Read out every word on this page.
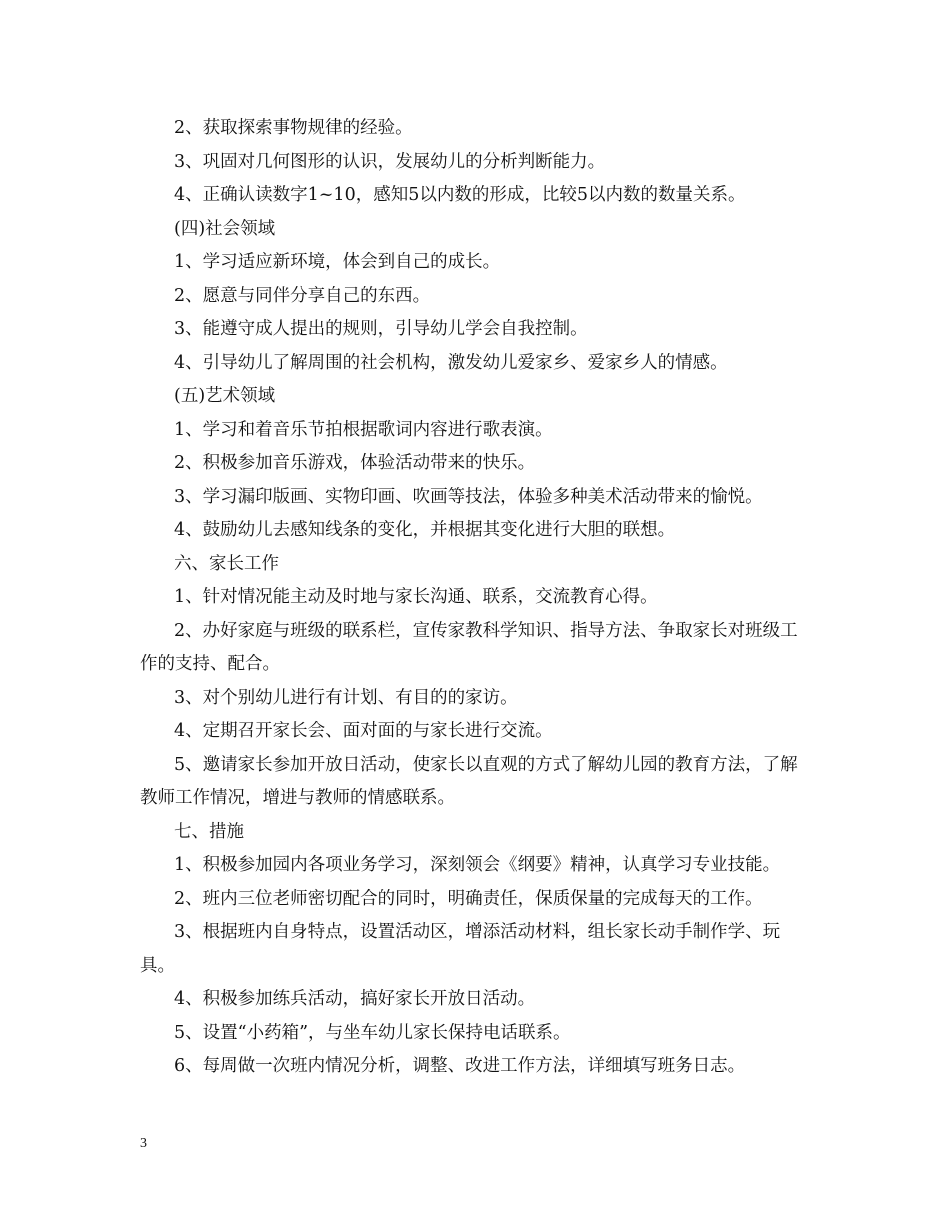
2、获取探索事物规律的经验。

3、巩固对几何图形的认识，发展幼儿的分析判断能力。

4、正确认读数字1~10，感知5以内数的形成，比较5以内数的数量关系。

(四)社会领域

1、学习适应新环境，体会到自己的成长。

2、愿意与同伴分享自己的东西。

3、能遵守成人提出的规则，引导幼儿学会自我控制。

4、引导幼儿了解周围的社会机构，激发幼儿爱家乡、爱家乡人的情感。

(五)艺术领域

1、学习和着音乐节拍根据歌词内容进行歌表演。

2、积极参加音乐游戏，体验活动带来的快乐。

3、学习漏印版画、实物印画、吹画等技法，体验多种美术活动带来的愉悦。

4、鼓励幼儿去感知线条的变化，并根据其变化进行大胆的联想。

六、家长工作

1、针对情况能主动及时地与家长沟通、联系，交流教育心得。

2、办好家庭与班级的联系栏，宣传家教科学知识、指导方法、争取家长对班级工作的支持、配合。

3、对个别幼儿进行有计划、有目的的家访。

4、定期召开家长会、面对面的与家长进行交流。

5、邀请家长参加开放日活动，使家长以直观的方式了解幼儿园的教育方法，了解教师工作情况，增进与教师的情感联系。

七、措施

1、积极参加园内各项业务学习，深刻领会《纲要》精神，认真学习专业技能。

2、班内三位老师密切配合的同时，明确责任，保质保量的完成每天的工作。

3、根据班内自身特点，设置活动区，增添活动材料，组长家长动手制作学、玩具。

4、积极参加练兵活动，搞好家长开放日活动。

5、设置“小药箱”，与坐车幼儿家长保持电话联系。

6、每周做一次班内情况分析，调整、改进工作方法，详细填写班务日志。

3
